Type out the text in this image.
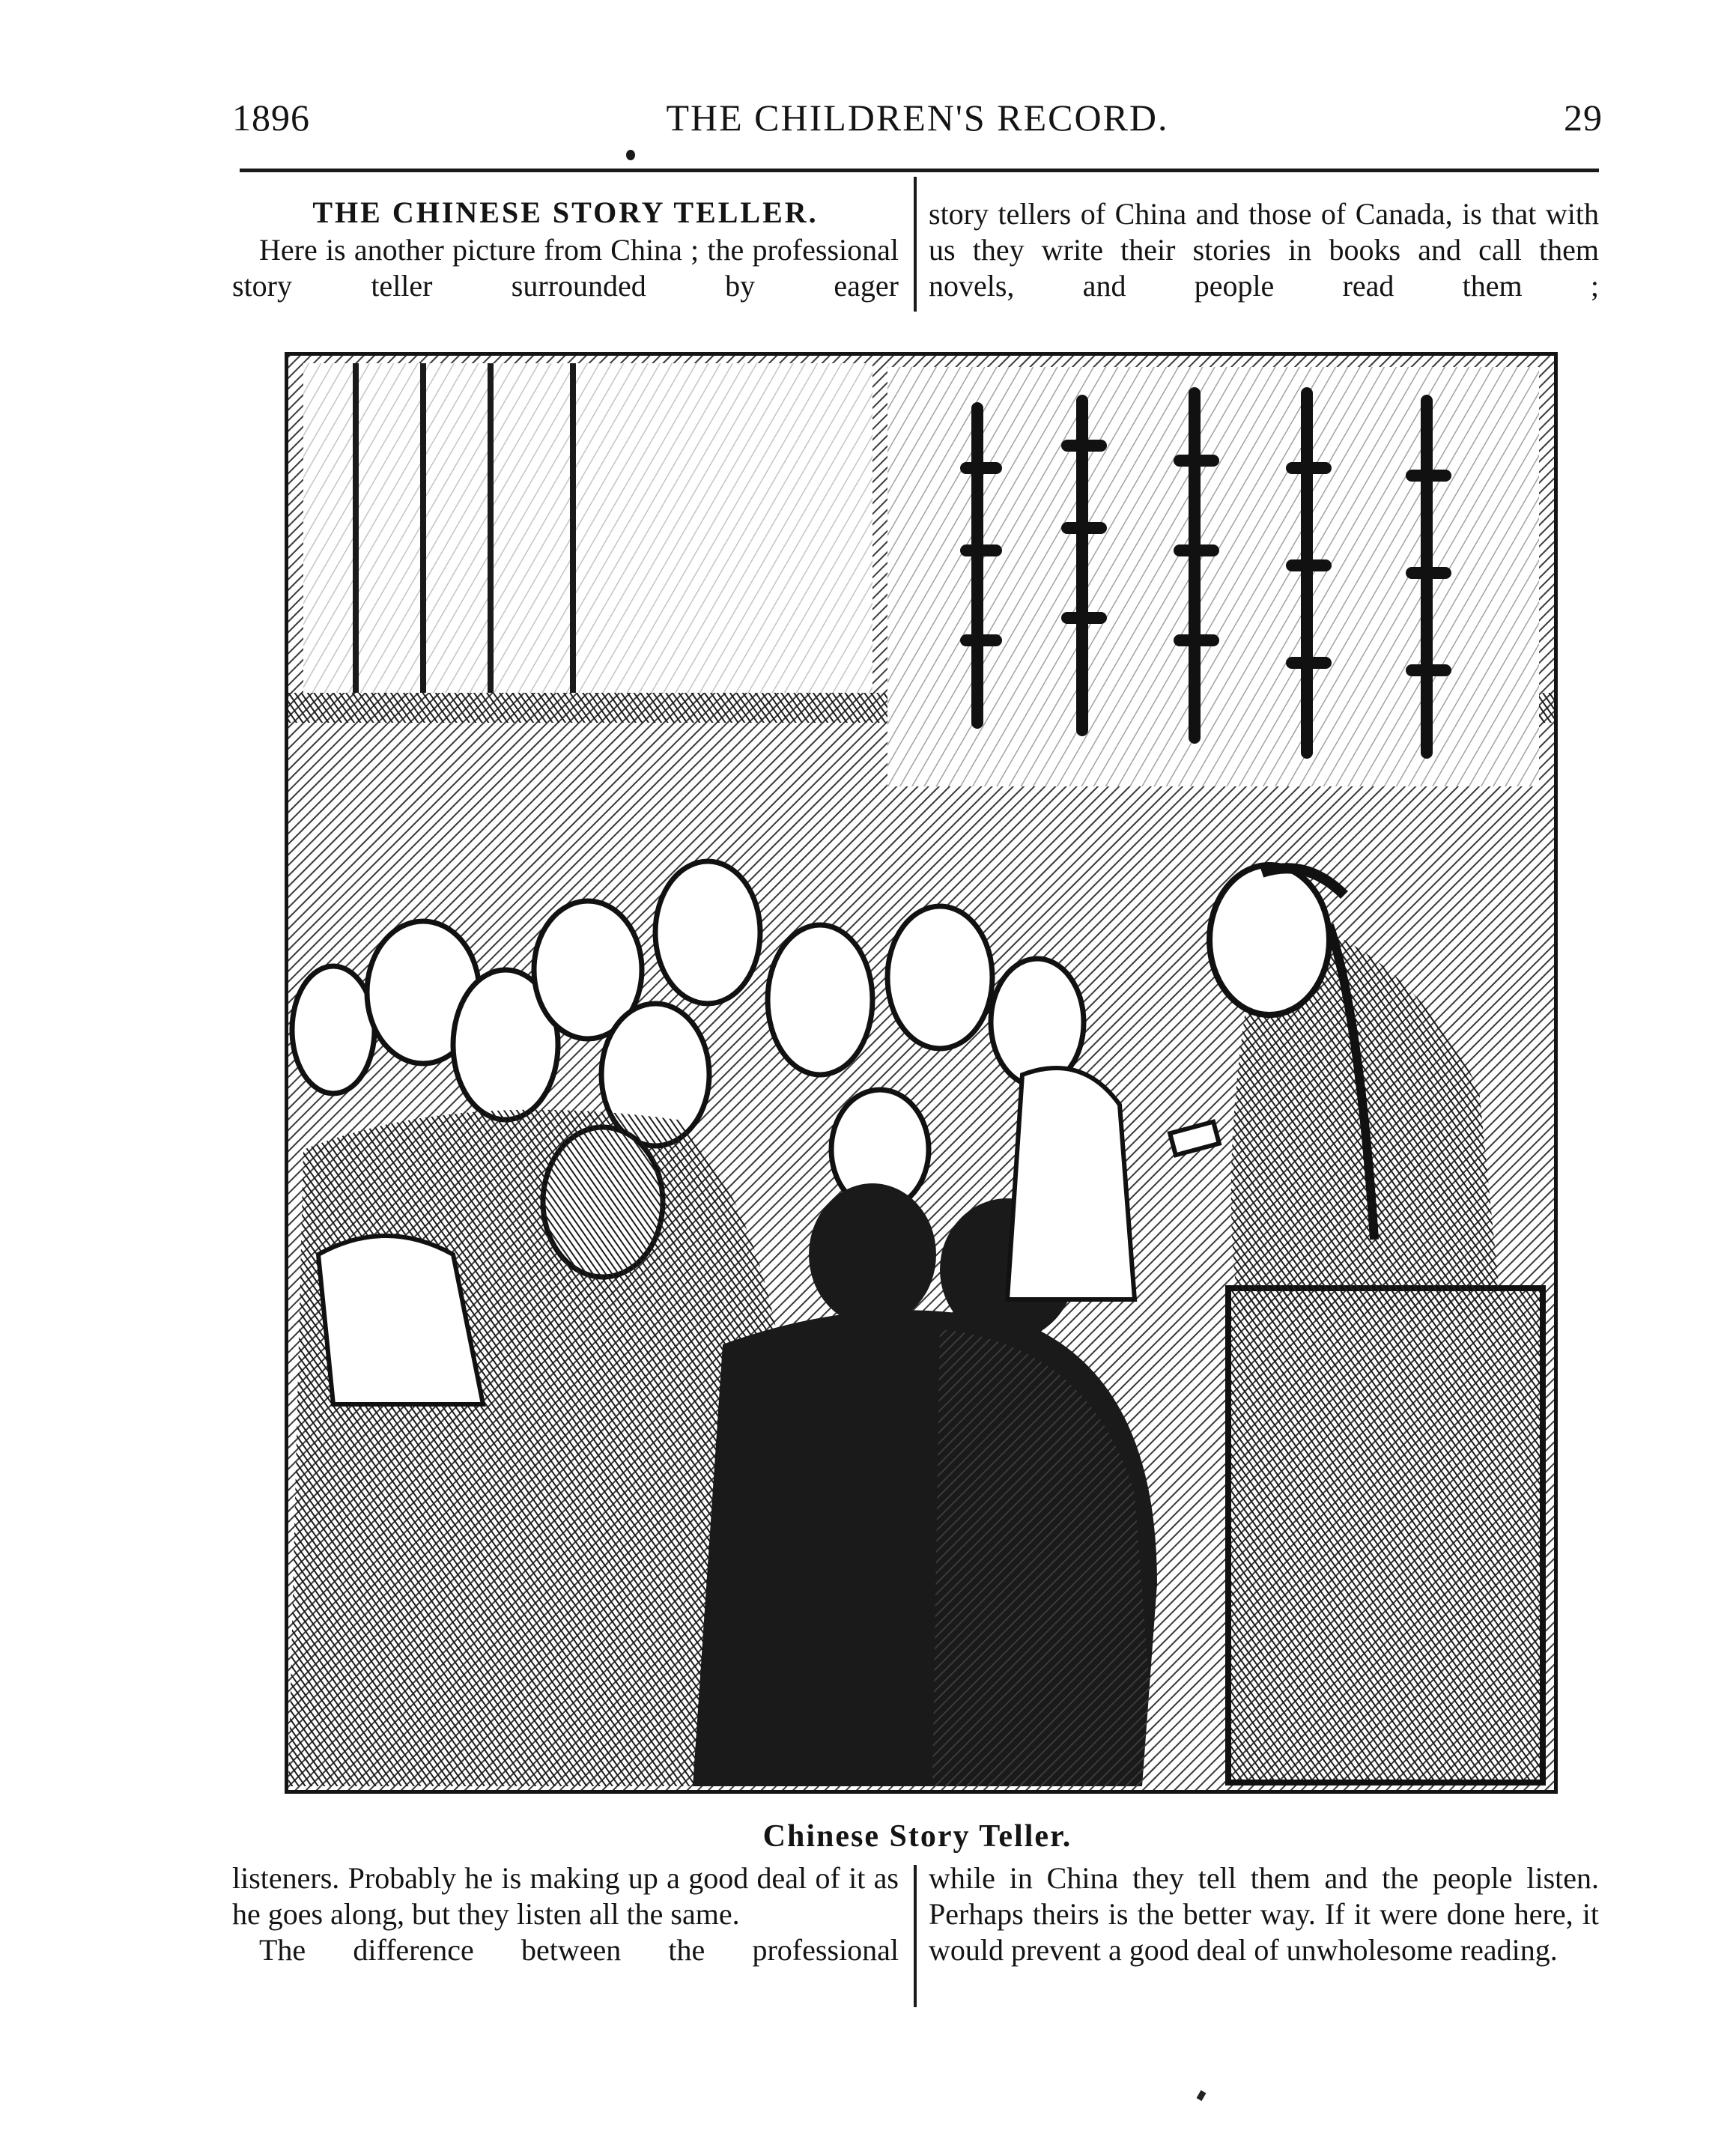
1896	THE CHILDREN'S RECORD.	29
THE CHINESE STORY TELLER.

Here is another picture from China ; the professional story teller surrounded by eager

story tellers of China and those of Canada, is that with us they write their stories in books and call them novels, and people read them ;

Chinese Story Teller.

listeners. Probably he is making up a good deal of it as he goes along, but they listen all the same.

The difference between the professional

while in China they tell them and the people listen. Perhaps theirs is the better way. If it were done here, it would prevent a good deal of unwholesome reading.
